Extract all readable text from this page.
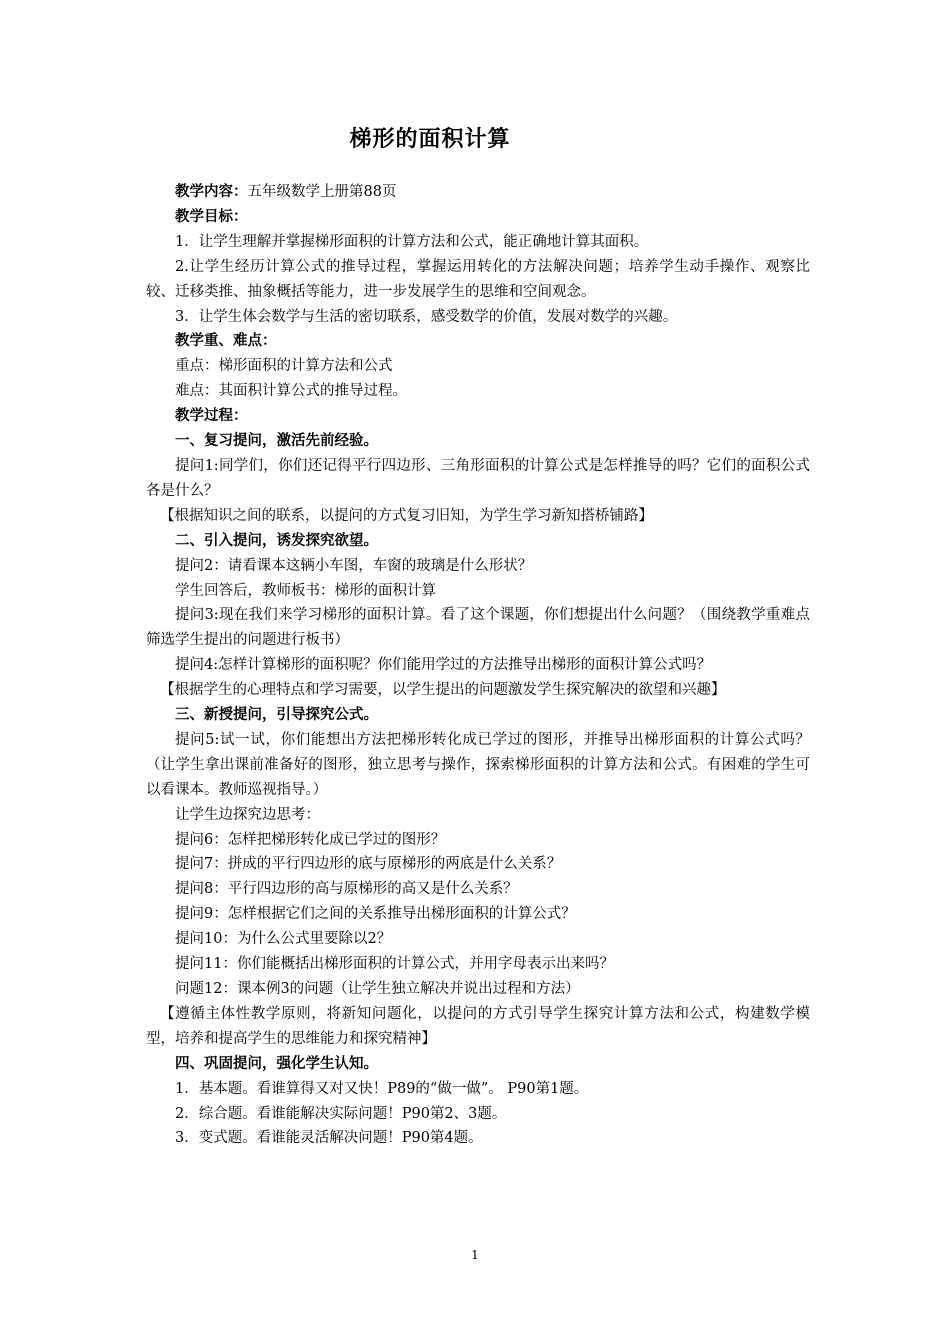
梯形的面积计算

教学内容：五年级数学上册第88页

教学目标：

1．让学生理解并掌握梯形面积的计算方法和公式，能正确地计算其面积。

2.让学生经历计算公式的推导过程，掌握运用转化的方法解决问题；培养学生动手操作、观察比较、迁移类推、抽象概括等能力，进一步发展学生的思维和空间观念。

3．让学生体会数学与生活的密切联系，感受数学的价值，发展对数学的兴趣。

教学重、难点：

重点：梯形面积的计算方法和公式

难点：其面积计算公式的推导过程。

教学过程：

一、复习提问，激活先前经验。

提问1:同学们，你们还记得平行四边形、三角形面积的计算公式是怎样推导的吗？它们的面积公式各是什么？

【根据知识之间的联系，以提问的方式复习旧知，为学生学习新知搭桥铺路】

二、引入提问，诱发探究欲望。

提问2：请看课本这辆小车图，车窗的玻璃是什么形状？

学生回答后，教师板书：梯形的面积计算

提问3:现在我们来学习梯形的面积计算。看了这个课题，你们想提出什么问题？（围绕教学重难点筛选学生提出的问题进行板书）

提问4:怎样计算梯形的面积呢？你们能用学过的方法推导出梯形的面积计算公式吗？

【根据学生的心理特点和学习需要，以学生提出的问题激发学生探究解决的欲望和兴趣】

三、新授提问，引导探究公式。

提问5:试一试，你们能想出方法把梯形转化成已学过的图形，并推导出梯形面积的计算公式吗？（让学生拿出课前准备好的图形，独立思考与操作，探索梯形面积的计算方法和公式。有困难的学生可以看课本。教师巡视指导。）

让学生边探究边思考：

提问6：怎样把梯形转化成已学过的图形？

提问7：拼成的平行四边形的底与原梯形的两底是什么关系？

提问8：平行四边形的高与原梯形的高又是什么关系？

提问9：怎样根据它们之间的关系推导出梯形面积的计算公式？

提问10：为什么公式里要除以2？

提问11：你们能概括出梯形面积的计算公式，并用字母表示出来吗？

问题12：课本例3的问题（让学生独立解决并说出过程和方法）

【遵循主体性教学原则，将新知问题化，以提问的方式引导学生探究计算方法和公式，构建数学模型，培养和提高学生的思维能力和探究精神】

四、巩固提问，强化学生认知。

1．基本题。看谁算得又对又快！P89的“做一做”。 P90第1题。

2．综合题。看谁能解决实际问题！P90第2、3题。

3．变式题。看谁能灵活解决问题！P90第4题。

1
